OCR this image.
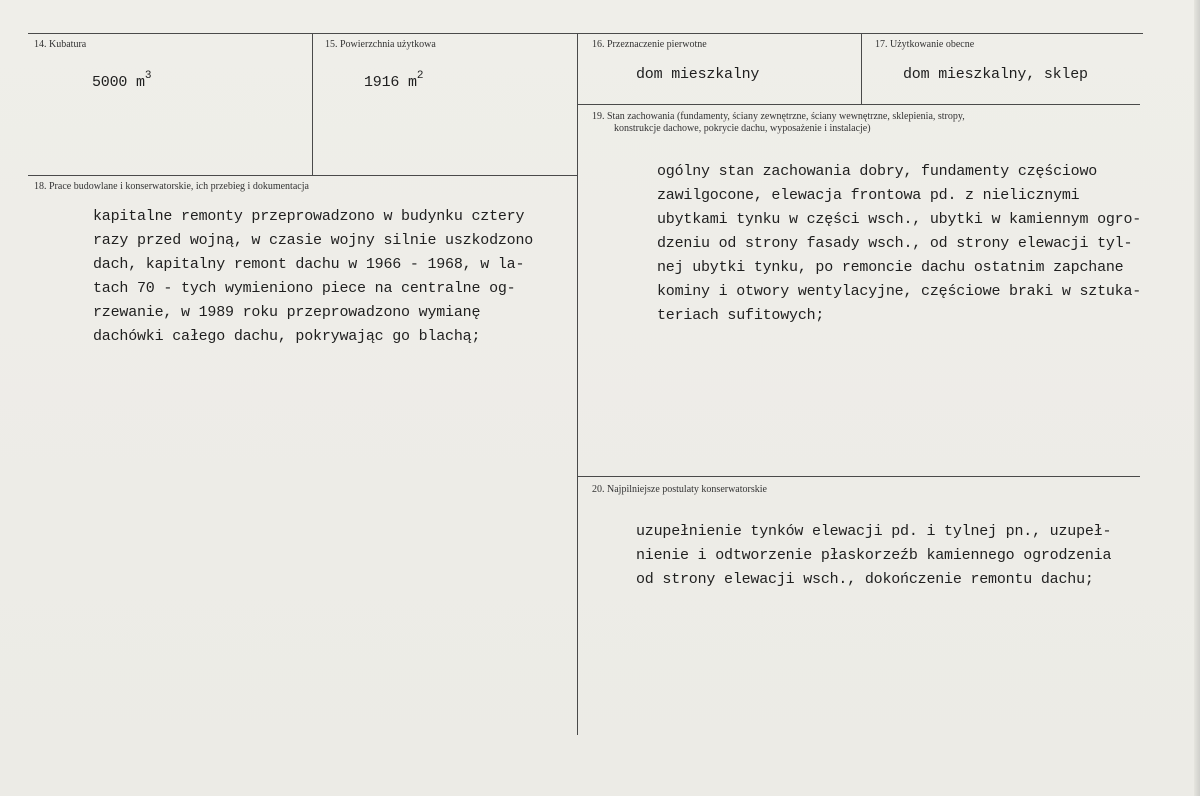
14. Kubatura
5000 $m^3$
15. Powierzchnia użytkowa
1916 $m^2$
16. Przeznaczenie pierwotne
dom mieszkalny
17. Użytkowanie obecne
dom mieszkalny, sklep
19. Stan zachowania (fundamenty, ściany zewnętrzne, ściany wewnętrzne, sklepienia, stropy,
konstrukcje dachowe, pokrycie dachu, wyposażenie i instalacje)
ogólny stan zachowania dobry, fundamenty częściowo
zawilgocone, elewacja frontowa pd. z nielicznymi
ubytkami tynku w części wsch., ubytki w kamiennym ogro-
dzeniu od strony fasady wsch., od strony elewacji tyl-
nej ubytki tynku, po remoncie dachu ostatnim zapchane
kominy i otwory wentylacyjne, częściowe braki w sztuka-
teriach sufitowych;
18. Prace budowlane i konserwatorskie, ich przebieg i dokumentacja
kapitalne remonty przeprowadzono w budynku cztery
razy przed wojną, w czasie wojny silnie uszkodzono
dach, kapitalny remont dachu w 1966 - 1968, w la-
tach 70 - tych wymieniono piece na centralne og-
rzewanie, w 1989 roku przeprowadzono wymianę
dachówki całego dachu, pokrywając go blachą;
20. Najpilniejsze postulaty konserwatorskie
uzupełnienie tynków elewacji pd. i tylnej pn., uzupeł-
nienie i odtworzenie płaskorzeźb kamiennego ogrodzenia
od strony elewacji wsch., dokończenie remontu dachu;
